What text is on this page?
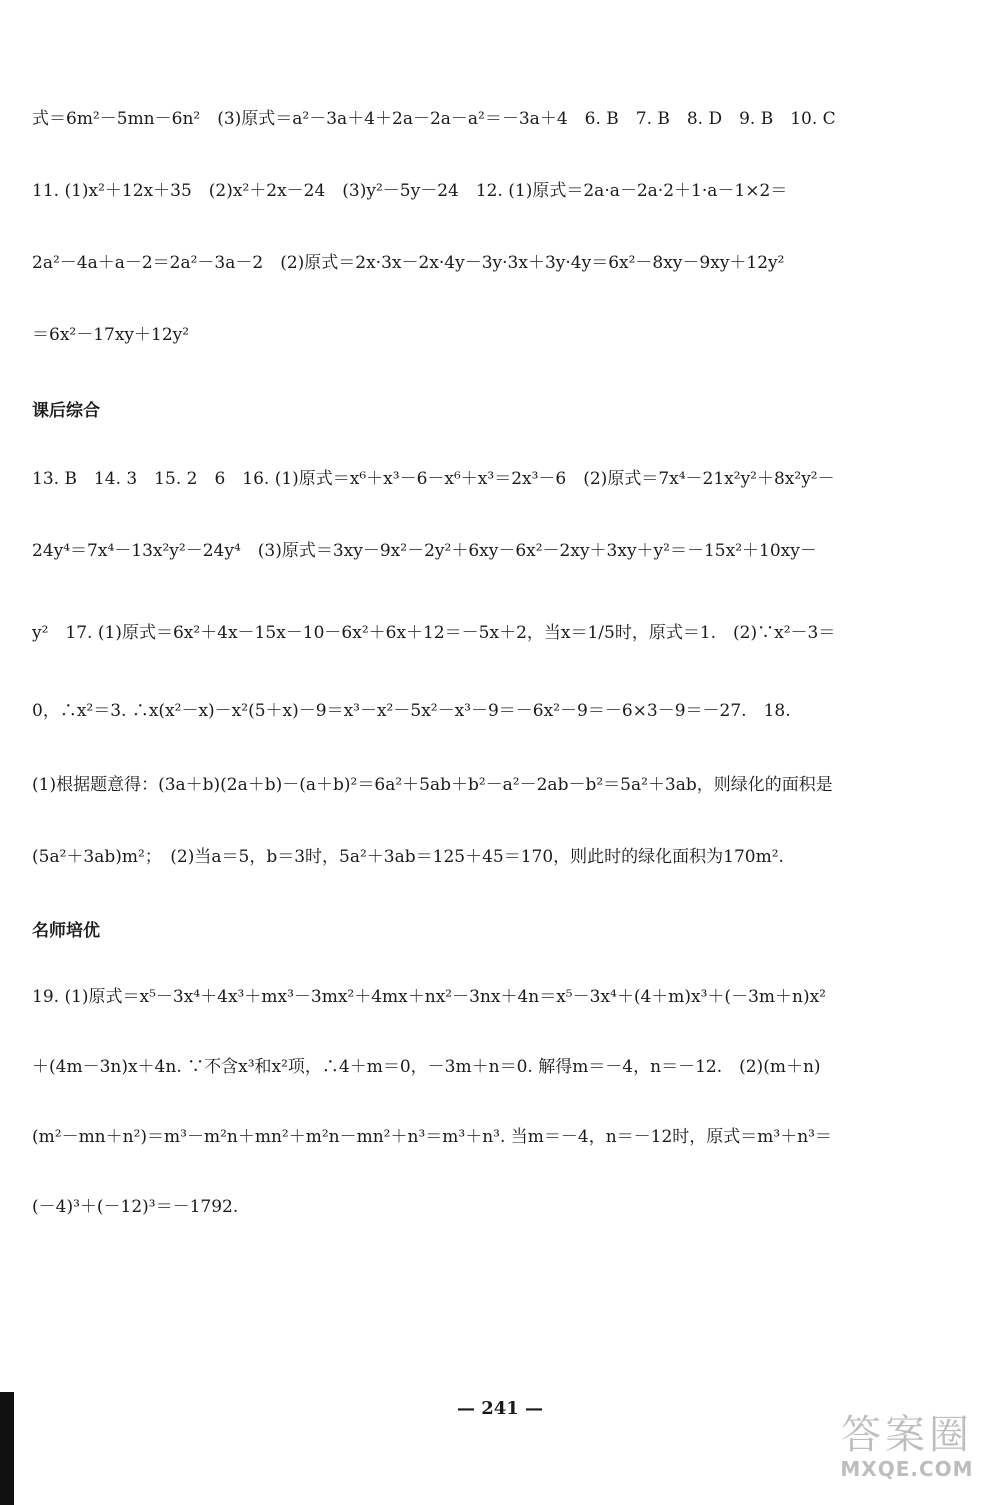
式＝6m²－5mn－6n²　(3)原式＝a²－3a＋4＋2a－2a－a²＝－3a＋4　6. B　7. B　8. D　9. B　10. C
11. (1)x²＋12x＋35　(2)x²＋2x－24　(3)y²－5y－24　12. (1)原式＝2a·a－2a·2＋1·a－1×2＝
2a²－4a＋a－2＝2a²－3a－2　(2)原式＝2x·3x－2x·4y－3y·3x＋3y·4y＝6x²－8xy－9xy＋12y²
＝6x²－17xy＋12y²
课后综合
13. B　14. 3　15. 2　6　16. (1)原式＝x⁶＋x³－6－x⁶＋x³＝2x³－6　(2)原式＝7x⁴－21x²y²＋8x²y²－
24y⁴＝7x⁴－13x²y²－24y⁴　(3)原式＝3xy－9x²－2y²＋6xy－6x²－2xy＋3xy＋y²＝－15x²＋10xy－
y²　17. (1)原式＝6x²＋4x－15x－10－6x²＋6x＋12＝－5x＋2，当x＝1/5时，原式＝1.　(2)∵x²－3＝
0，∴x²＝3. ∴x(x²－x)－x²(5＋x)－9＝x³－x²－5x²－x³－9＝－6x²－9＝－6×3－9＝－27.　18.
(1)根据题意得：(3a＋b)(2a＋b)－(a＋b)²＝6a²＋5ab＋b²－a²－2ab－b²＝5a²＋3ab，则绿化的面积是
(5a²＋3ab)m²；　(2)当a＝5，b＝3时，5a²＋3ab＝125＋45＝170，则此时的绿化面积为170m².
名师培优
19. (1)原式＝x⁵－3x⁴＋4x³＋mx³－3mx²＋4mx＋nx²－3nx＋4n＝x⁵－3x⁴＋(4＋m)x³＋(－3m＋n)x²
＋(4m－3n)x＋4n. ∵不含x³和x²项，∴4＋m＝0，－3m＋n＝0. 解得m＝－4，n＝－12.　(2)(m＋n)
(m²－mn＋n²)＝m³－m²n＋mn²＋m²n－mn²＋n³＝m³＋n³. 当m＝－4，n＝－12时，原式＝m³＋n³＝
(－4)³＋(－12)³＝－1792.
— 241 —
答案圈
MXQE.COM
